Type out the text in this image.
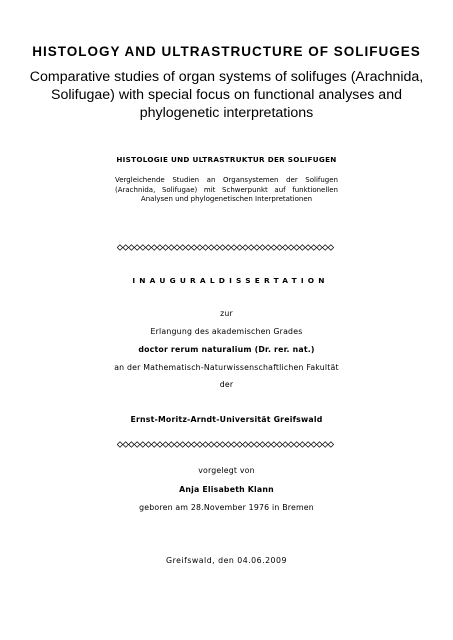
HISTOLOGY AND ULTRASTRUCTURE OF SOLIFUGES
Comparative studies of organ systems of solifuges (Arachnida, Solifugae) with special focus on functional analyses and phylogenetic interpretations
HISTOLOGIE UND ULTRASTRUKTUR DER SOLIFUGEN
Vergleichende Studien an Organsystemen der Solifugen (Arachnida, Solifugae) mit Schwerpunkt auf funktionellen Analysen und phylogenetischen Interpretationen
INAUGURALDISSERTATION
zur
Erlangung des akademischen Grades
doctor rerum naturalium (Dr. rer. nat.)
an der Mathematisch-Naturwissenschaftlichen Fakultät
der
Ernst-Moritz-Arndt-Universität Greifswald
vorgelegt von
Anja Elisabeth Klann
geboren am 28.November 1976 in Bremen
Greifswald, den 04.06.2009
